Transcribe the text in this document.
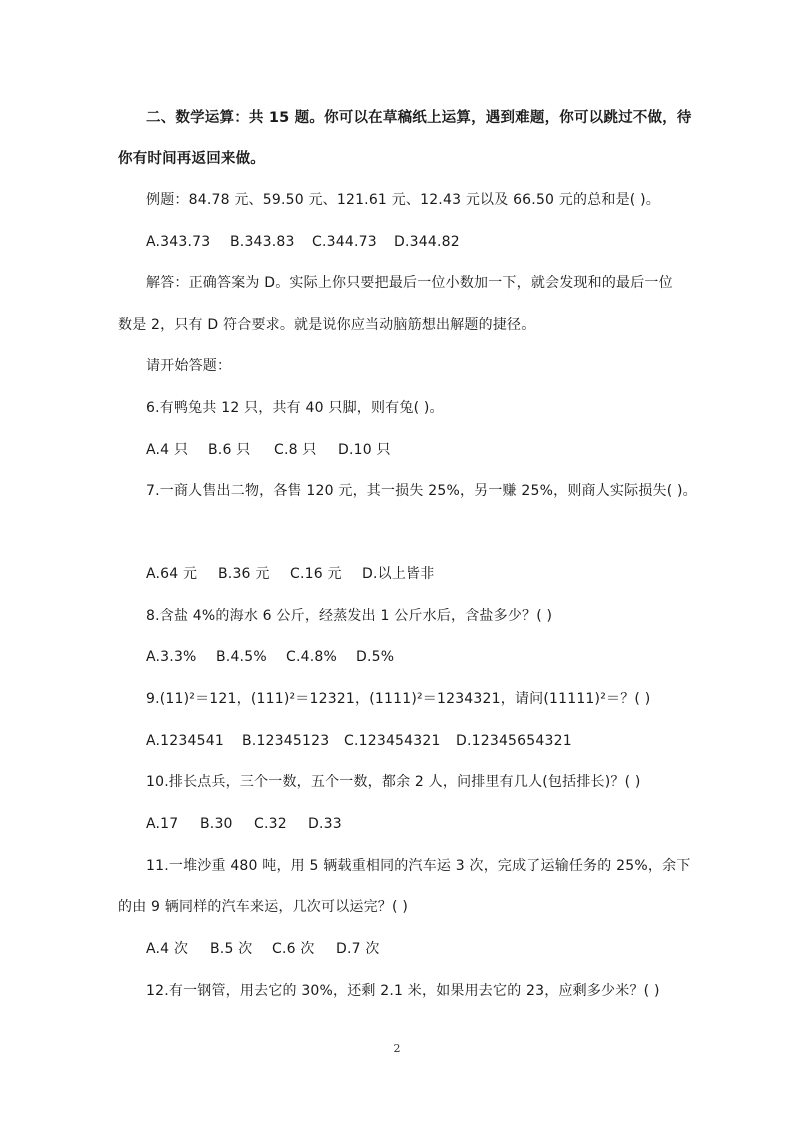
二、数学运算：共 15 题。你可以在草稿纸上运算，遇到难题，你可以跳过不做，待
你有时间再返回来做。
例题：84.78 元、59.50 元、121.61 元、12.43 元以及 66.50 元的总和是( )。
A.343.73	B.343.83	C.344.73	D.344.82
解答：正确答案为 D。实际上你只要把最后一位小数加一下，就会发现和的最后一位
数是 2，只有 D 符合要求。就是说你应当动脑筋想出解题的捷径。
请开始答题：
6.有鸭兔共 12 只，共有 40 只脚，则有兔( )。
A.4 只	B.6 只	C.8 只	D.10 只
7.一商人售出二物，各售 120 元，其一损失 25%，另一赚 25%，则商人实际损失( )。
A.64 元	B.36 元	C.16 元	D.以上皆非
8.含盐 4%的海水 6 公斤，经蒸发出 1 公斤水后，含盐多少？( )
A.3.3%	B.4.5%	C.4.8%	D.5%
9.(11)²＝121，(111)²＝12321，(1111)²＝1234321，请问(11111)²＝？( )
A.1234541	B.12345123	C.123454321	D.12345654321
10.排长点兵，三个一数，五个一数，都余 2 人，问排里有几人(包括排长)？( )
A.17	B.30	C.32	D.33
11.一堆沙重 480 吨，用 5 辆载重相同的汽车运 3 次，完成了运输任务的 25%，余下
的由 9 辆同样的汽车来运，几次可以运完？( )
A.4 次	B.5 次	C.6 次	D.7 次
12.有一钢管，用去它的 30%，还剩 2.1 米，如果用去它的 23，应剩多少米？( )
2
